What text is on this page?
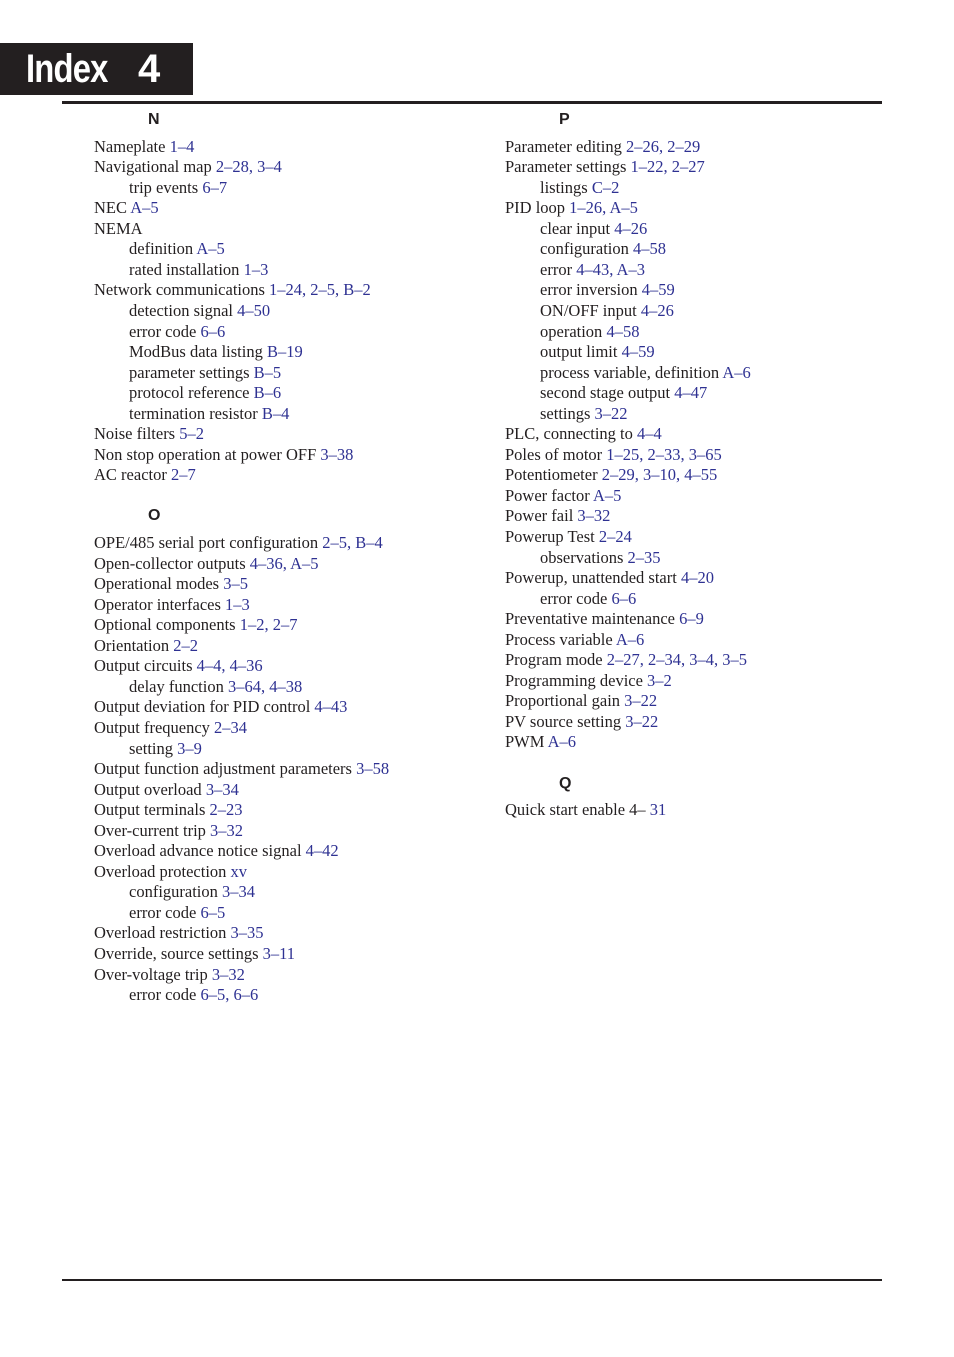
Index 4
N
Nameplate 1–4
Navigational map 2–28, 3–4
trip events 6–7
NEC A–5
NEMA
definition A–5
rated installation 1–3
Network communications 1–24, 2–5, B–2
detection signal 4–50
error code 6–6
ModBus data listing B–19
parameter settings B–5
protocol reference B–6
termination resistor B–4
Noise filters 5–2
Non stop operation at power OFF 3–38
AC reactor 2–7
O
OPE/485 serial port configuration 2–5, B–4
Open-collector outputs 4–36, A–5
Operational modes 3–5
Operator interfaces 1–3
Optional components 1–2, 2–7
Orientation 2–2
Output circuits 4–4, 4–36
delay function 3–64, 4–38
Output deviation for PID control 4–43
Output frequency 2–34
setting 3–9
Output function adjustment parameters 3–58
Output overload 3–34
Output terminals 2–23
Over-current trip 3–32
Overload advance notice signal 4–42
Overload protection xv
configuration 3–34
error code 6–5
Overload restriction 3–35
Override, source settings 3–11
Over-voltage trip 3–32
error code 6–5, 6–6
P
Parameter editing 2–26, 2–29
Parameter settings 1–22, 2–27
listings C–2
PID loop 1–26, A–5
clear input 4–26
configuration 4–58
error 4–43, A–3
error inversion 4–59
ON/OFF input 4–26
operation 4–58
output limit 4–59
process variable, definition A–6
second stage output 4–47
settings 3–22
PLC, connecting to 4–4
Poles of motor 1–25, 2–33, 3–65
Potentiometer 2–29, 3–10, 4–55
Power factor A–5
Power fail 3–32
Powerup Test 2–24
observations 2–35
Powerup, unattended start 4–20
error code 6–6
Preventative maintenance 6–9
Process variable A–6
Program mode 2–27, 2–34, 3–4, 3–5
Programming device 3–2
Proportional gain 3–22
PV source setting 3–22
PWM A–6
Q
Quick start enable 4– 31
